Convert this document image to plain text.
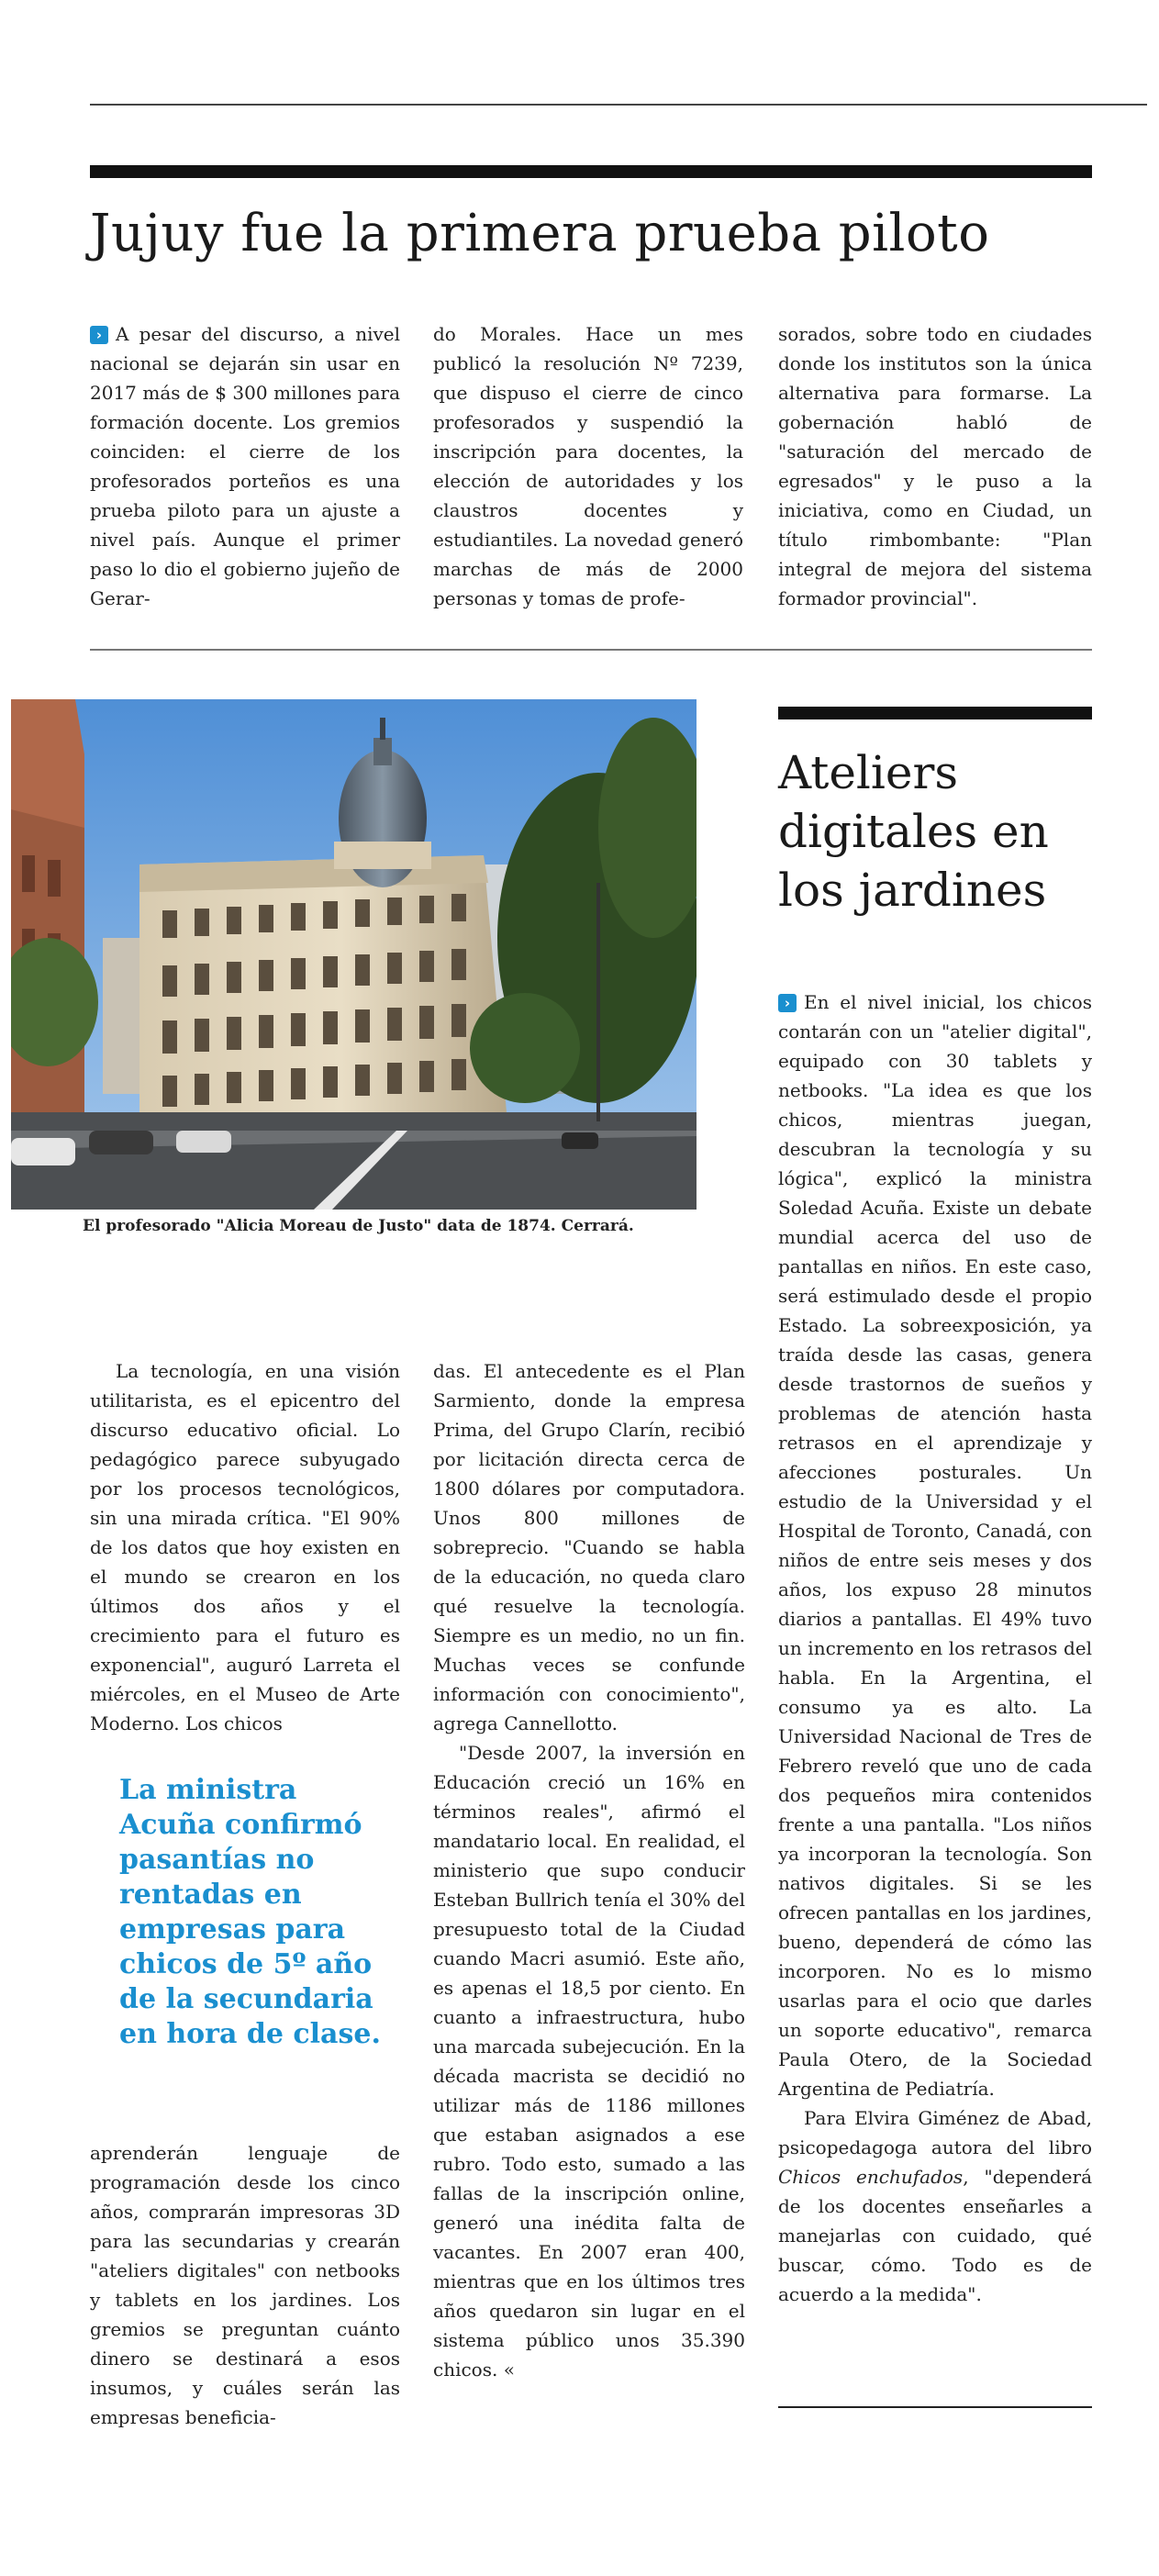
Jujuy fue la primera prueba piloto

› A pesar del discurso, a nivel nacional se dejarán sin usar en 2017 más de $ 300 millones para formación docente. Los gremios coinciden: el cierre de los profesorados porteños es una prueba piloto para un ajuste a nivel país. Aunque el primer paso lo dio el gobierno jujeño de Gerar-

do Morales. Hace un mes publicó la resolución Nº 7239, que dispuso el cierre de cinco profesorados y suspendió la inscripción para docentes, la elección de autoridades y los claustros docentes y estudiantiles. La novedad generó marchas de más de 2000 personas y tomas de profe-

sorados, sobre todo en ciudades donde los institutos son la única alternativa para formarse. La gobernación habló de "saturación del mercado de egresados" y le puso a la iniciativa, como en Ciudad, un título rimbombante: "Plan integral de mejora del sistema formador provincial".

El profesorado "Alicia Moreau de Justo" data de 1874. Cerrará.
Ateliers
digitales en
los jardines

› En el nivel inicial, los chicos contarán con un "atelier digital", equipado con 30 tablets y netbooks. "La idea es que los chicos, mientras juegan, descubran la tecnología y su lógica", explicó la ministra Soledad Acuña. Existe un debate mundial acerca del uso de pantallas en niños. En este caso, será estimulado desde el propio Estado. La sobreexposición, ya traída desde las casas, genera desde trastornos de sueños y problemas de atención hasta retrasos en el aprendizaje y afecciones posturales. Un estudio de la Universidad y el Hospital de Toronto, Canadá, con niños de entre seis meses y dos años, los expuso 28 minutos diarios a pantallas. El 49% tuvo un incremento en los retrasos del habla. En la Argentina, el consumo ya es alto. La Universidad Nacional de Tres de Febrero reveló que uno de cada dos pequeños mira contenidos frente a una pantalla. "Los niños ya incorporan la tecnología. Son nativos digitales. Si se les ofrecen pantallas en los jardines, bueno, dependerá de cómo las incorporen. No es lo mismo usarlas para el ocio que darles un soporte educativo", remarca Paula Otero, de la Sociedad Argentina de Pediatría.

Para Elvira Giménez de Abad, psicopedagoga autora del libro Chicos enchufados, "dependerá de los docentes enseñarles a manejarlas con cuidado, qué buscar, cómo. Todo es de acuerdo a la medida".

La tecnología, en una visión utilitarista, es el epicentro del discurso educativo oficial. Lo pedagógico parece subyugado por los procesos tecnológicos, sin una mirada crítica. "El 90% de los datos que hoy existen en el mundo se crearon en los últimos dos años y el crecimiento para el futuro es exponencial", auguró Larreta el miércoles, en el Museo de Arte Moderno. Los chicos

La ministra Acuña confirmó pasantías no rentadas en empresas para chicos de 5º año de la secundaria en hora de clase.

aprenderán lenguaje de programación desde los cinco años, comprarán impresoras 3D para las secundarias y crearán "ateliers digitales" con netbooks y tablets en los jardines. Los gremios se preguntan cuánto dinero se destinará a esos insumos, y cuáles serán las empresas beneficia-

das. El antecedente es el Plan Sarmiento, donde la empresa Prima, del Grupo Clarín, recibió por licitación directa cerca de 1800 dólares por computadora. Unos 800 millones de sobreprecio. "Cuando se habla de la educación, no queda claro qué resuelve la tecnología. Siempre es un medio, no un fin. Muchas veces se confunde información con conocimiento", agrega Cannellotto.

"Desde 2007, la inversión en Educación creció un 16% en términos reales", afirmó el mandatario local. En realidad, el ministerio que supo conducir Esteban Bullrich tenía el 30% del presupuesto total de la Ciudad cuando Macri asumió. Este año, es apenas el 18,5 por ciento. En cuanto a infraestructura, hubo una marcada subejecución. En la década macrista se decidió no utilizar más de 1186 millones que estaban asignados a ese rubro. Todo esto, sumado a las fallas de la inscripción online, generó una inédita falta de vacantes. En 2007 eran 400, mientras que en los últimos tres años quedaron sin lugar en el sistema público unos 35.390 chicos. «
